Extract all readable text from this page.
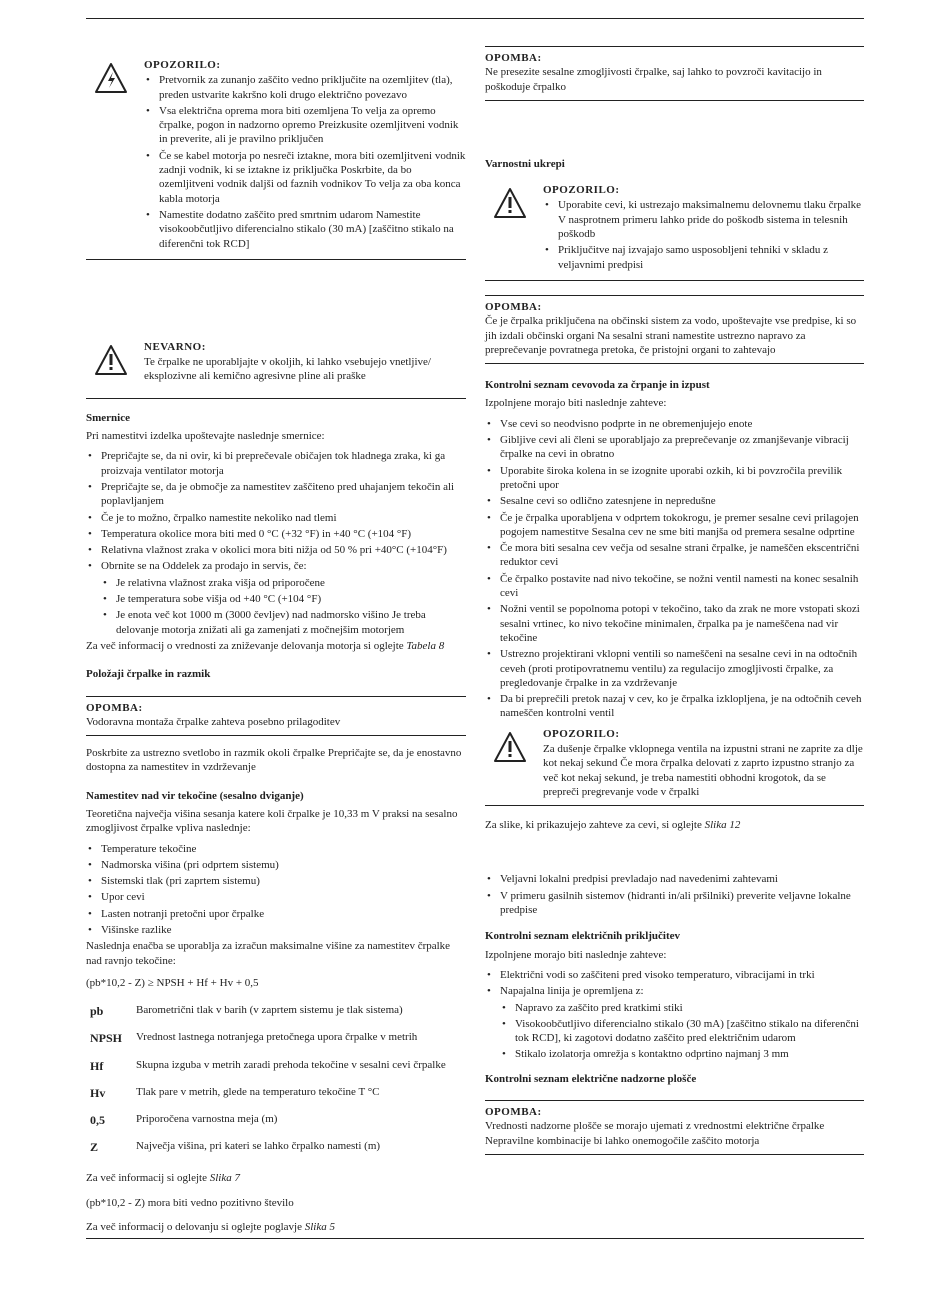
OPOZORILO:
• Pretvornik za zunanjo zaščito vedno priključite na ozemljitev (tla), preden ustvarite kakršno koli drugo električno povezavo
• Vsa električna oprema mora biti ozemljena To velja za opremo črpalke, pogon in nadzorno opremo Preizkusite ozemljitveni vodnik in preverite, ali je pravilno priključen
• Če se kabel motorja po nesreči iztakne, mora biti ozemljitveni vodnik zadnji vodnik, ki se iztakne iz priključka Poskrbite, da bo ozemljitveni vodnik daljši od faznih vodnikov To velja za oba konca kabla motorja
• Namestite dodatno zaščito pred smrtnim udarom Namestite visokoobčutljivo diferencialno stikalo (30 mA) [zaščitno stikalo na diferenčni tok RCD]
NEVARNO:
Te črpalke ne uporabljajte v okoljih, ki lahko vsebujejo vnetljive/ eksplozivne ali kemično agresivne pline ali praške
Smernice

Pri namestitvi izdelka upoštevajte naslednje smernice:

• Prepričajte se, da ni ovir, ki bi preprečevale običajen tok hladnega zraka, ki ga proizvaja ventilator motorja
• Prepričajte se, da je območje za namestitev zaščiteno pred uhajanjem tekočin ali poplavljanjem
• Če je to možno, črpalko namestite nekoliko nad tlemi
• Temperatura okolice mora biti med 0 °C (+32 °F) in +40 °C (+104 °F)
• Relativna vlažnost zraka v okolici mora biti nižja od 50 % pri +40°C (+104°F)
• Obrnite se na Oddelek za prodajo in servis, če:
• Je relativna vlažnost zraka višja od priporočene
• Je temperatura sobe višja od +40 °C (+104 °F)
• Je enota več kot 1000 m (3000 čevljev) nad nadmorsko višino Je treba delovanje motorja znižati ali ga zamenjati z močnejšim motorjem

Za več informacij o vrednosti za zniževanje delovanja motorja si oglejte Tabela 8

Položaji črpalke in razmik
OPOMBA:
Vodoravna montaža črpalke zahteva posebno prilagoditev

Poskrbite za ustrezno svetlobo in razmik okoli črpalke Prepričajte se, da je enostavno dostopna za namestitev in vzdrževanje

Namestitev nad vir tekočine (sesalno dviganje)

Teoretična največja višina sesanja katere koli črpalke je 10,33 m V praksi na sesalno zmogljivost črpalke vpliva naslednje:

• Temperature tekočine
• Nadmorska višina (pri odprtem sistemu)
• Sistemski tlak (pri zaprtem sistemu)
• Upor cevi
• Lasten notranji pretočni upor črpalke
• Višinske razlike

Naslednja enačba se uporablja za izračun maksimalne višine za namestitev črpalke nad ravnjo tekočine:

(pb*10,2 - Z) ≥ NPSH + Hf + Hv + 0,5
pb	Barometrični tlak v barih (v zaprtem sistemu je tlak sistema)
NPSH	Vrednost lastnega notranjega pretočnega upora črpalke v metrih
Hf	Skupna izguba v metrih zaradi prehoda tekočine v sesalni cevi črpalke
Hv	Tlak pare v metrih, glede na temperaturo tekočine T °C
0,5	Priporočena varnostna meja (m)
Z	Največja višina, pri kateri se lahko črpalko namesti (m)

Za več informacij si oglejte Slika 7

(pb*10,2 - Z) mora biti vedno pozitivno število

Za več informacij o delovanju si oglejte poglavje Slika 5

OPOMBA:
Ne presezite sesalne zmogljivosti črpalke, saj lahko to povzroči kavitacijo in poškoduje črpalko
Varnostni ukrepi
OPOZORILO:
• Uporabite cevi, ki ustrezajo maksimalnemu delovnemu tlaku črpalke V nasprotnem primeru lahko pride do poškodb sistema in telesnih poškodb
• Priključitve naj izvajajo samo usposobljeni tehniki v skladu z veljavnimi predpisi
OPOMBA:
Če je črpalka priključena na občinski sistem za vodo, upoštevajte vse predpise, ki so jih izdali občinski organi Na sesalni strani namestite ustrezno napravo za preprečevanje povratnega pretoka, če pristojni organi to zahtevajo
Kontrolni seznam cevovoda za črpanje in izpust

Izpolnjene morajo biti naslednje zahteve:

• Vse cevi so neodvisno podprte in ne obremenjujejo enote
• Gibljive cevi ali členi se uporabljajo za preprečevanje oz zmanjševanje vibracij črpalke na cevi in obratno
• Uporabite široka kolena in se izognite uporabi ozkih, ki bi povzročila previlik pretočni upor
• Sesalne cevi so odlično zatesnjene in nepredušne
• Če je črpalka uporabljena v odprtem tokokrogu, je premer sesalne cevi prilagojen pogojem namestitve Sesalna cev ne sme biti manjša od premera sesalne odprtine
• Če mora biti sesalna cev večja od sesalne strani črpalke, je nameščen ekscentrični reduktor cevi
• Če črpalko postavite nad nivo tekočine, se nožni ventil namesti na konec sesalnih cevi
• Nožni ventil se popolnoma potopi v tekočino, tako da zrak ne more vstopati skozi sesalni vrtinec, ko nivo tekočine minimalen, črpalka pa je nameščena nad vir tekočine
• Ustrezno projektirani vklopni ventili so nameščeni na sesalne cevi in na odtočnih ceveh (proti protipovratnemu ventilu) za regulacijo zmogljivosti črpalke, za pregledovanje črpalke in za vzdrževanje
• Da bi preprečili pretok nazaj v cev, ko je črpalka izklopljena, je na odtočnih ceveh nameščen kontrolni ventil
OPOZORILO:
Za dušenje črpalke vklopnega ventila na izpustni strani ne zaprite za dlje kot nekaj sekund Če mora črpalka delovati z zaprto izpustno stranjo za več kot nekaj sekund, je treba namestiti obhodni krogotok, da se prepreči pregrevanje vode v črpalki

Za slike, ki prikazujejo zahteve za cevi, si oglejte Slika 12

• Veljavni lokalni predpisi prevladajo nad navedenimi zahtevami
• V primeru gasilnih sistemov (hidranti in/ali pršilniki) preverite veljavne lokalne predpise
Kontrolni seznam električnih priključitev

Izpolnjene morajo biti naslednje zahteve:

• Električni vodi so zaščiteni pred visoko temperaturo, vibracijami in trki
• Napajalna linija je opremljena z:
• Napravo za zaščito pred kratkimi stiki
• Visokoobčutljivo diferencialno stikalo (30 mA) [zaščitno stikalo na diferenčni tok RCD], ki zagotovi dodatno zaščito pred električnim udarom
• Stikalo izolatorja omrežja s kontaktno odprtino najmanj 3 mm
Kontrolni seznam električne nadzorne plošče
OPOMBA:
Vrednosti nadzorne plošče se morajo ujemati z vrednostmi električne črpalke Nepravilne kombinacije bi lahko onemogočile zaščito motorja
